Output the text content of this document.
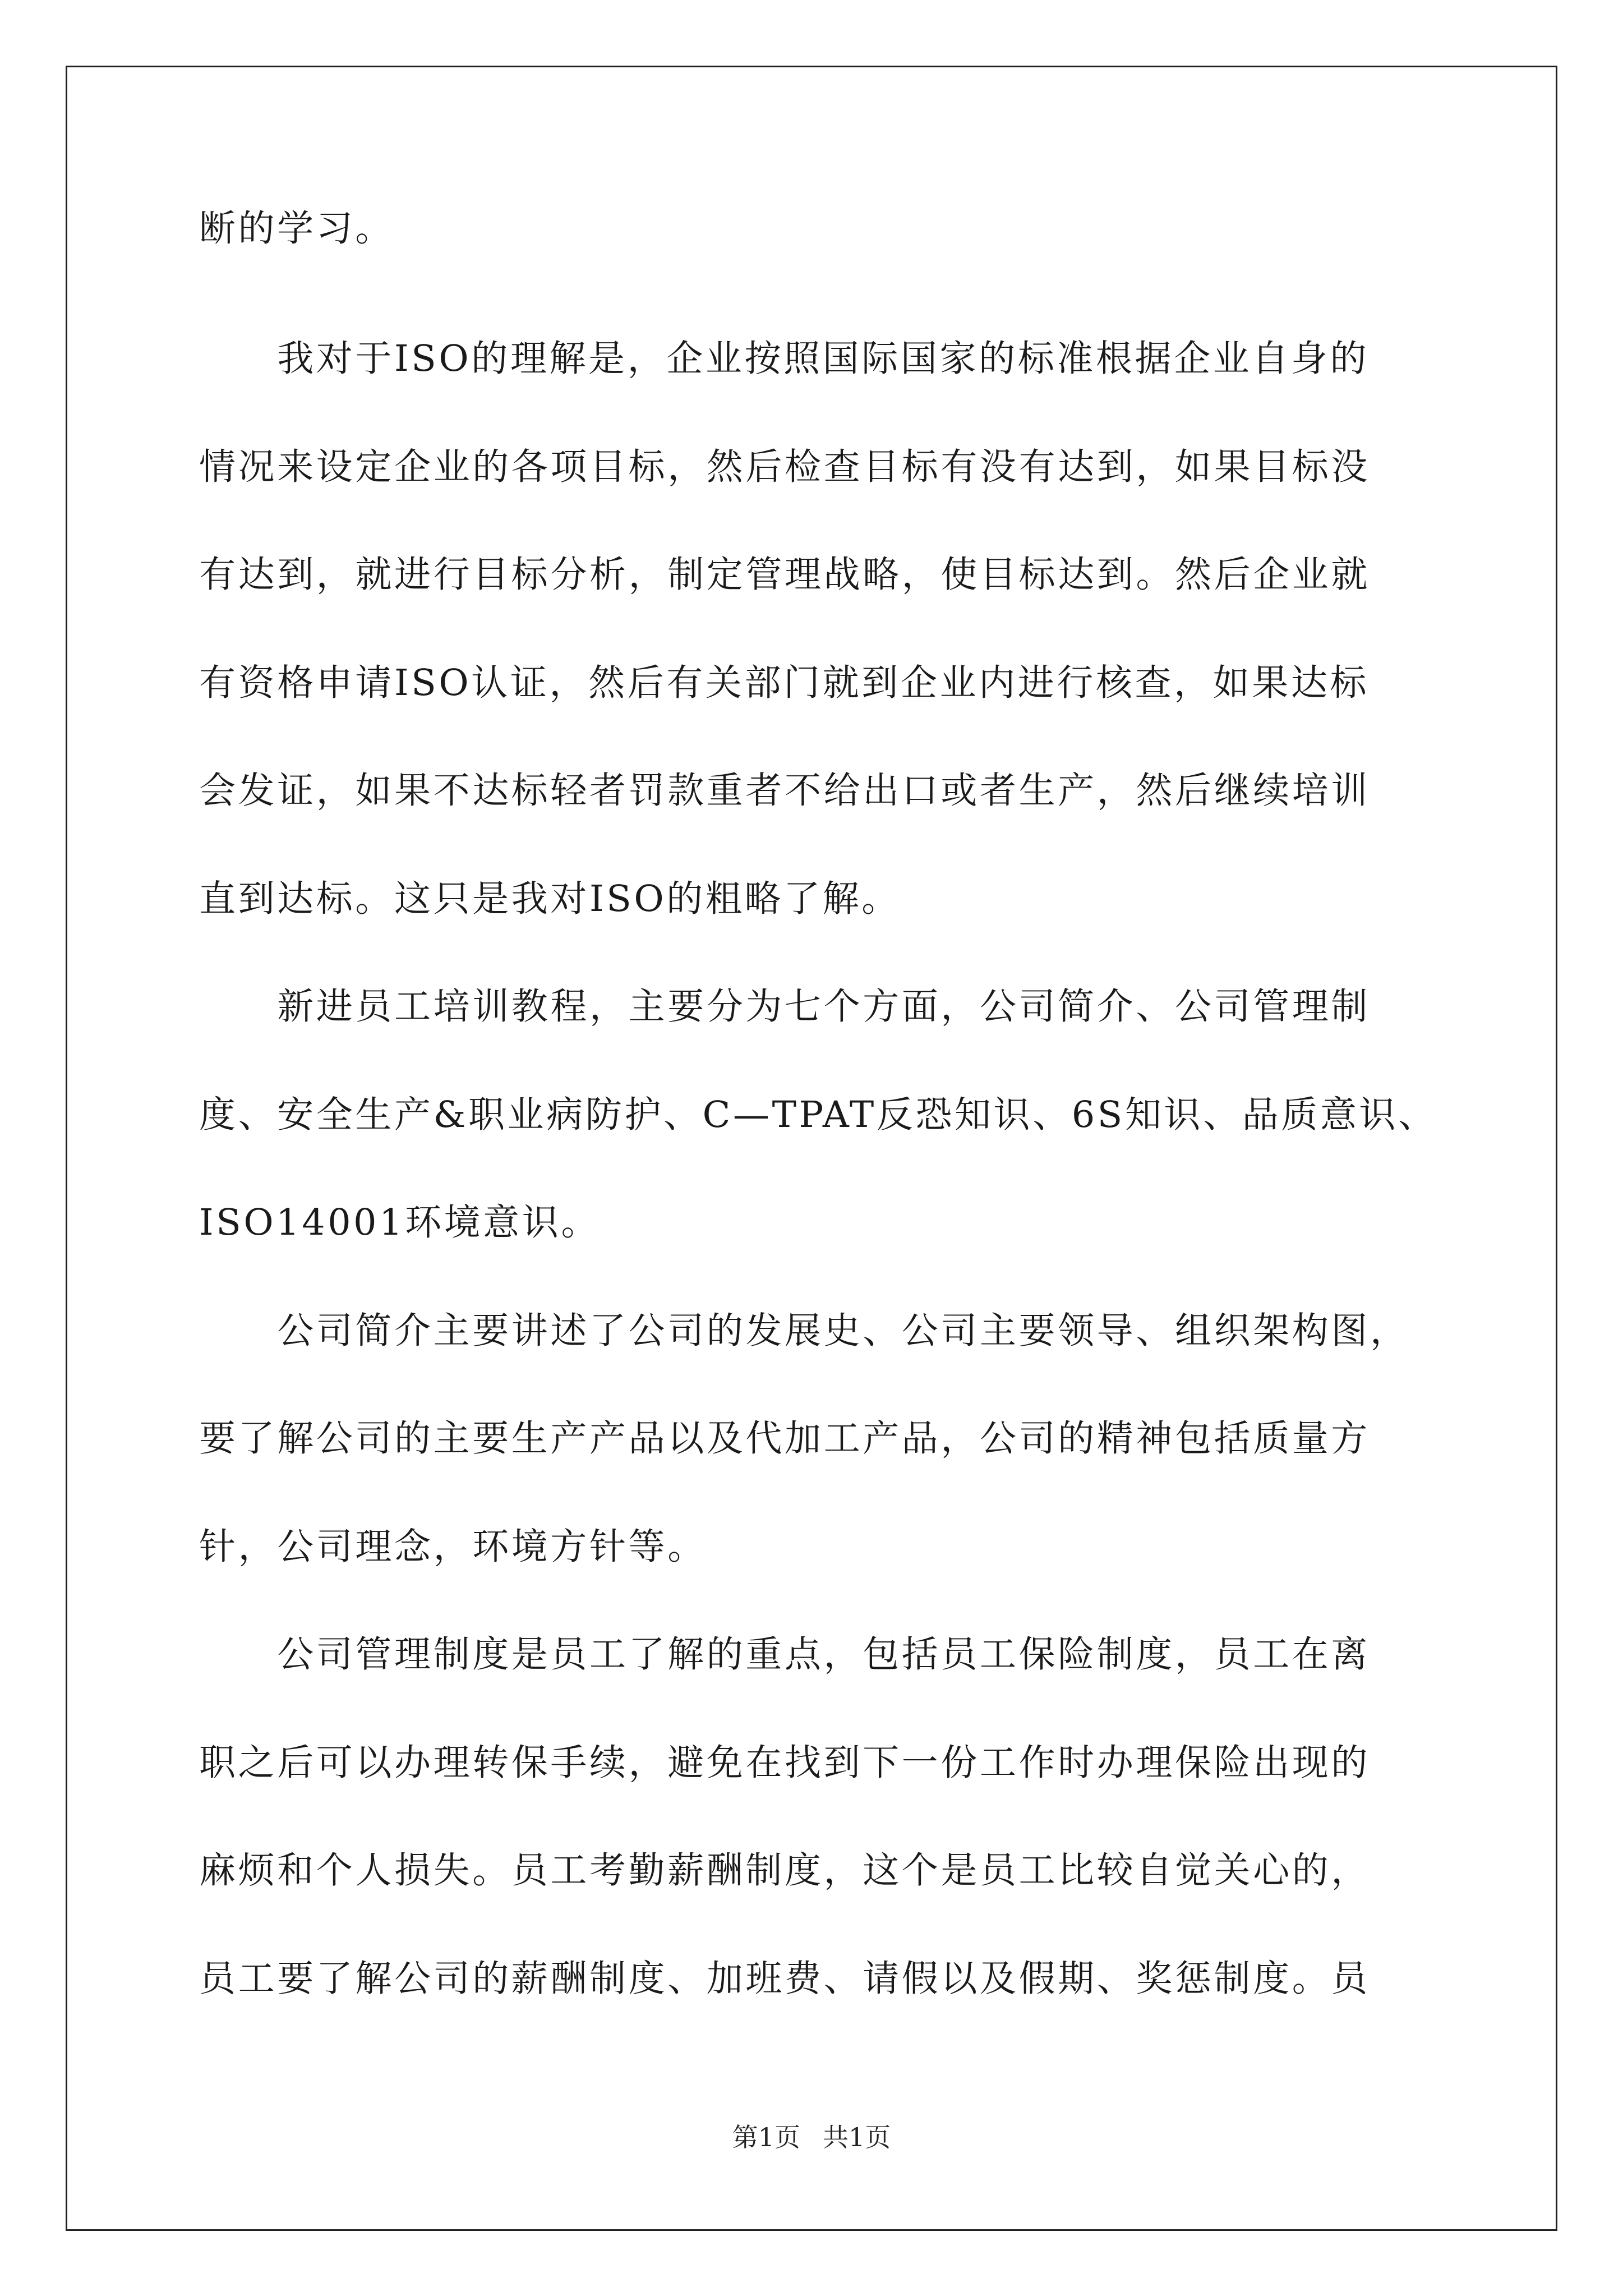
断的学习。
　　我对于ISO的理解是，企业按照国际国家的标准根据企业自身的
情况来设定企业的各项目标，然后检查目标有没有达到，如果目标没
有达到，就进行目标分析，制定管理战略，使目标达到。然后企业就
有资格申请ISO认证，然后有关部门就到企业内进行核查，如果达标
会发证，如果不达标轻者罚款重者不给出口或者生产，然后继续培训
直到达标。这只是我对ISO的粗略了解。
　　新进员工培训教程，主要分为七个方面，公司简介、公司管理制
度、安全生产&职业病防护、C—TPAT反恐知识、6S知识、品质意识、
ISO14001环境意识。
　　公司简介主要讲述了公司的发展史、公司主要领导、组织架构图，
要了解公司的主要生产产品以及代加工产品，公司的精神包括质量方
针，公司理念，环境方针等。
　　公司管理制度是员工了解的重点，包括员工保险制度，员工在离
职之后可以办理转保手续，避免在找到下一份工作时办理保险出现的
麻烦和个人损失。员工考勤薪酬制度，这个是员工比较自觉关心的，
员工要了解公司的薪酬制度、加班费、请假以及假期、奖惩制度。员
第1页 共1页
